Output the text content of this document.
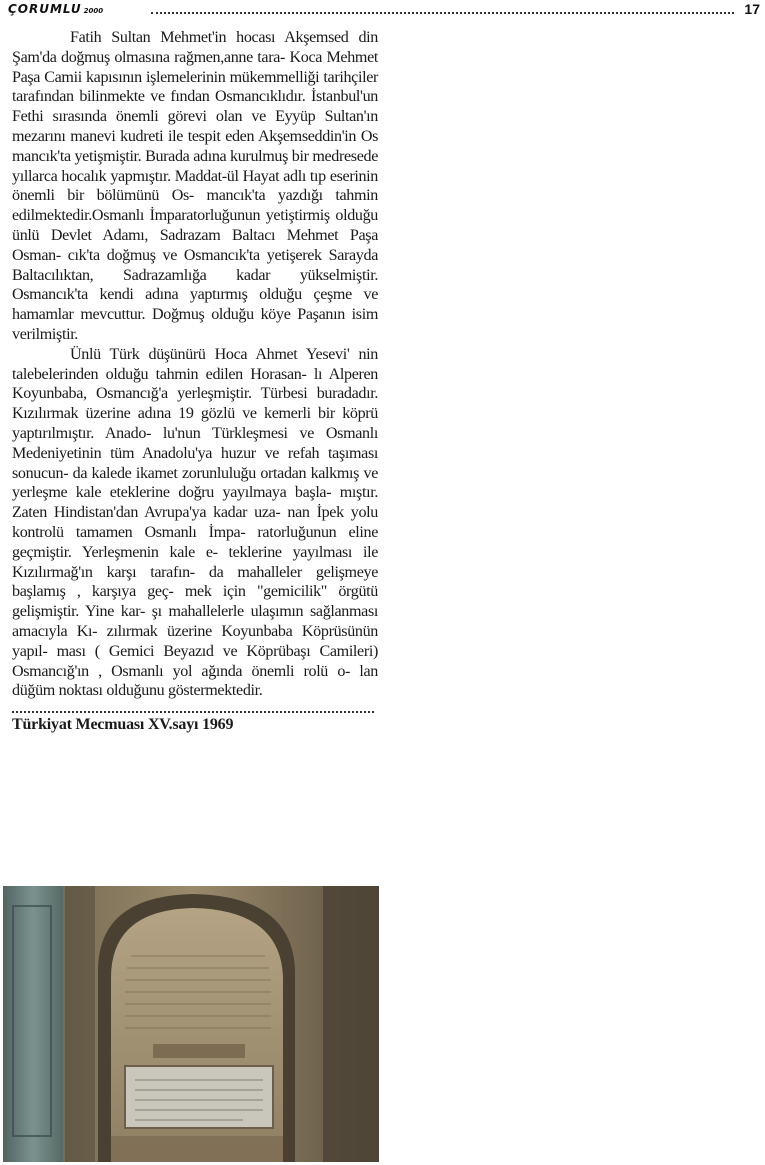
ÇORUMLU 2000	17

Fatih Sultan Mehmet'in hocası Akşemsed din Şam'da doğmuş olmasına rağmen,anne tara- Koca Mehmet Paşa Camii kapısının işlemelerinin mükemmelliği tarihçiler tarafından bilinmekte ve fından Osmancıklıdır. İstanbul'un Fethi sırasında önemli görevi olan ve Eyyüp Sultan'ın mezarını manevi kudreti ile tespit eden Akşemseddin'in Os mancık'ta yetişmiştir. Burada adına kurulmuş bir medresede yıllarca hocalık yapmıştır. Maddat-ül Hayat adlı tıp eserinin önemli bir bölümünü Os- mancık'ta yazdığı tahmin edilmektedir.Osmanlı İmparatorluğunun yetiştirmiş olduğu ünlü Devlet Adamı, Sadrazam Baltacı Mehmet Paşa Osman- cık'ta doğmuş ve Osmancık'ta yetişerek Sarayda Baltacılıktan, Sadrazamlığa kadar yükselmiştir. Osmancık'ta kendi adına yaptırmış olduğu çeşme ve hamamlar mevcuttur. Doğmuş olduğu köye Paşanın isim verilmiştir.

Ünlü Türk düşünürü Hoca Ahmet Yesevi' nin talebelerinden olduğu tahmin edilen Horasan- lı Alperen Koyunbaba, Osmancığ'a yerleşmiştir. Türbesi buradadır. Kızılırmak üzerine adına 19 gözlü ve kemerli bir köprü yaptırılmıştır. Anado- lu'nun Türkleşmesi ve Osmanlı Medeniyetinin tüm Anadolu'ya huzur ve refah taşıması sonucun- da kalede ikamet zorunluluğu ortadan kalkmış ve yerleşme kale eteklerine doğru yayılmaya başla- mıştır. Zaten Hindistan'dan Avrupa'ya kadar uza- nan İpek yolu kontrolü tamamen Osmanlı İmpa- ratorluğunun eline geçmiştir. Yerleşmenin kale e- teklerine yayılması ile Kızılırmağ'ın karşı tarafın- da mahalleler gelişmeye başlamış , karşıya geç- mek için "gemicilik" örgütü gelişmiştir. Yine kar- şı mahallelerle ulaşımın sağlanması amacıyla Kı- zılırmak üzerine Koyunbaba Köprüsünün yapıl- ması ( Gemici Beyazıd ve Köprübaşı Camileri) Osmancığ'ın , Osmanlı yol ağında önemli rolü o- lan düğüm noktası olduğunu göstermektedir.

Türkiyat Mecmuası XV.sayı 1969
